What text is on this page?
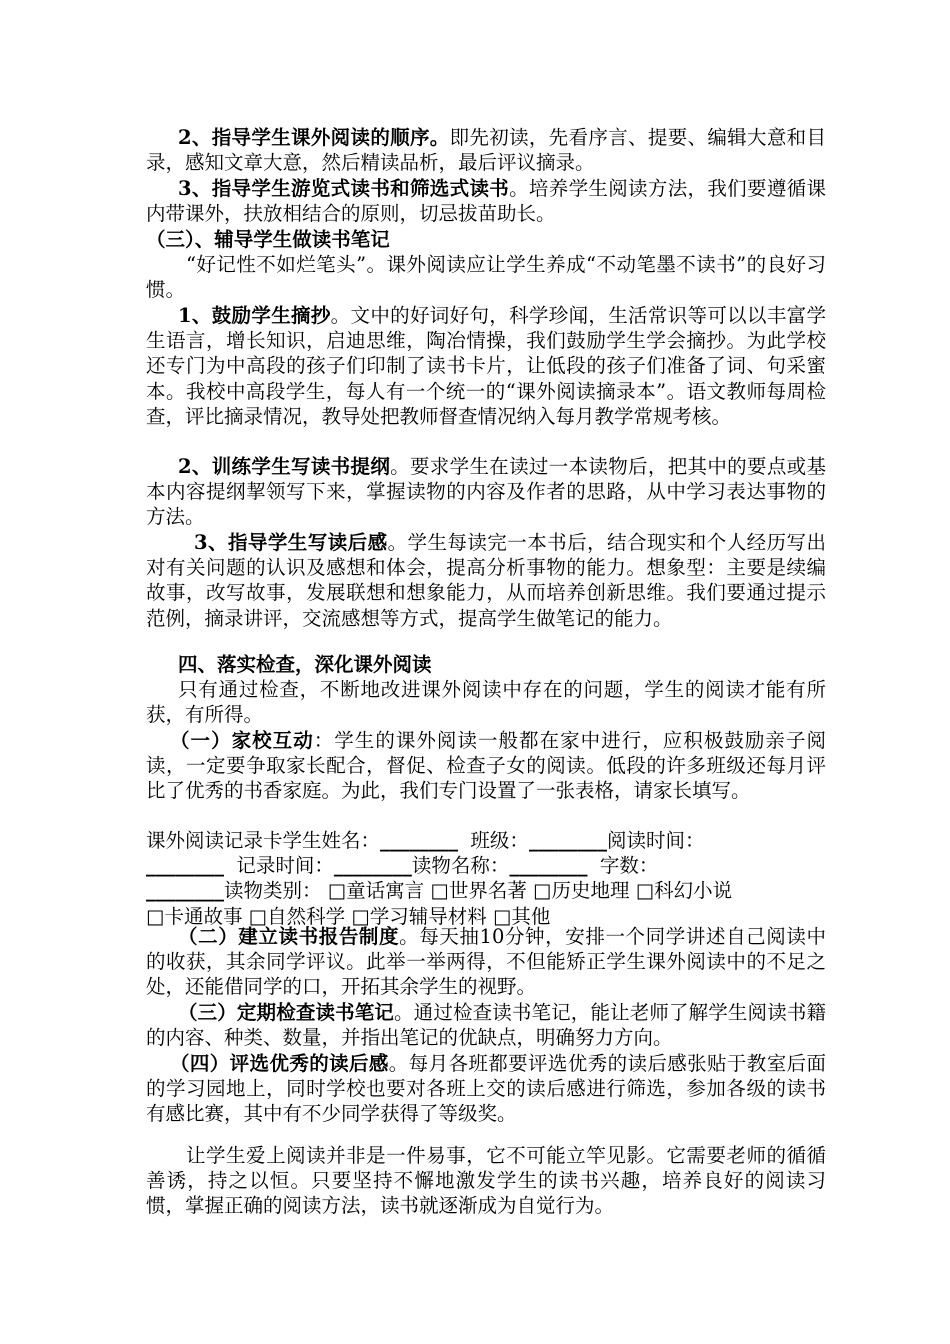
2、指导学生课外阅读的顺序。即先初读，先看序言、提要、编辑大意和目录，感知文章大意，然后精读品析，最后评议摘录。

3、指导学生游览式读书和筛选式读书。培养学生阅读方法，我们要遵循课内带课外，扶放相结合的原则，切忌拔苗助长。

（三）、辅导学生做读书笔记

“好记性不如烂笔头”。课外阅读应让学生养成“不动笔墨不读书”的良好习惯。

1、鼓励学生摘抄。文中的好词好句，科学珍闻，生活常识等可以以丰富学生语言，增长知识，启迪思维，陶冶情操，我们鼓励学生学会摘抄。为此学校还专门为中高段的孩子们印制了读书卡片，让低段的孩子们准备了词、句采蜜本。我校中高段学生，每人有一个统一的“课外阅读摘录本”。语文教师每周检查，评比摘录情况，教导处把教师督查情况纳入每月教学常规考核。

2、训练学生写读书提纲。要求学生在读过一本读物后，把其中的要点或基本内容提纲挈领写下来，掌握读物的内容及作者的思路，从中学习表达事物的方法。

3、指导学生写读后感。学生每读完一本书后，结合现实和个人经历写出对有关问题的认识及感想和体会，提高分析事物的能力。想象型：主要是续编故事，改写故事，发展联想和想象能力，从而培养创新思维。我们要通过提示范例，摘录讲评，交流感想等方式，提高学生做笔记的能力。

四、落实检查，深化课外阅读

只有通过检查，不断地改进课外阅读中存在的问题，学生的阅读才能有所获，有所得。

（一）家校互动：学生的课外阅读一般都在家中进行，应积极鼓励亲子阅读，一定要争取家长配合，督促、检查子女的阅读。低段的许多班级还每月评比了优秀的书香家庭。为此，我们专门设置了一张表格，请家长填写。

课外阅读记录卡学生姓名：________ 班级：________阅读时间：
________ 记录时间：________读物名称：________ 字数：
________读物类别： □童话寓言 □世界名著 □历史地理 □科幻小说
□卡通故事 □自然科学 □学习辅导材料 □其他

（二）建立读书报告制度。每天抽10分钟，安排一个同学讲述自己阅读中的收获，其余同学评议。此举一举两得，不但能矫正学生课外阅读中的不足之处，还能借同学的口，开拓其余学生的视野。

（三）定期检查读书笔记。通过检查读书笔记，能让老师了解学生阅读书籍的内容、种类、数量，并指出笔记的优缺点，明确努力方向。

（四）评选优秀的读后感。每月各班都要评选优秀的读后感张贴于教室后面的学习园地上，同时学校也要对各班上交的读后感进行筛选，参加各级的读书有感比赛，其中有不少同学获得了等级奖。

让学生爱上阅读并非是一件易事，它不可能立竿见影。它需要老师的循循善诱，持之以恒。只要坚持不懈地激发学生的读书兴趣，培养良好的阅读习惯，掌握正确的阅读方法，读书就逐渐成为自觉行为。
